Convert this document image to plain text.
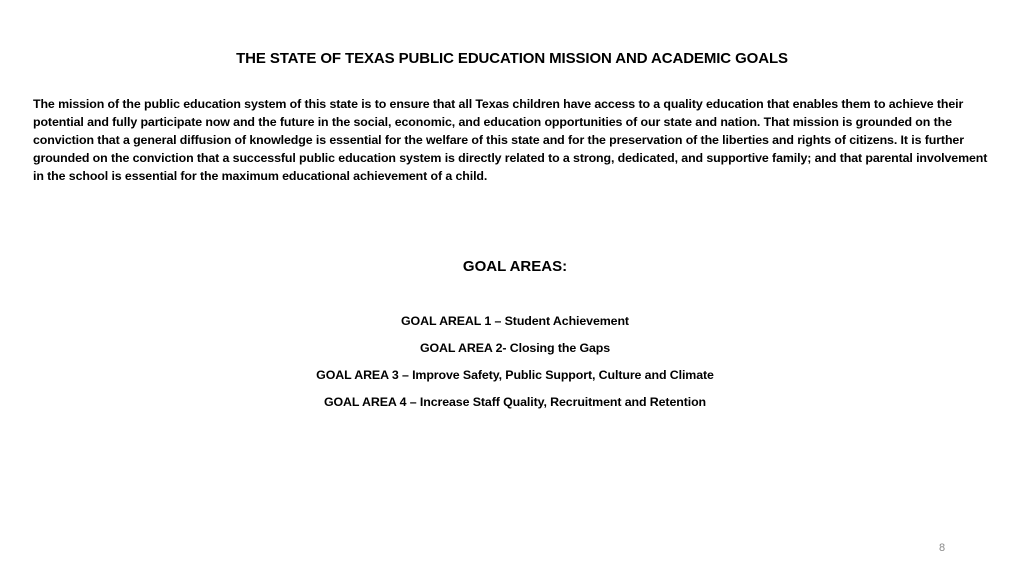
THE STATE OF TEXAS PUBLIC EDUCATION MISSION AND ACADEMIC GOALS

The mission of the public education system of this state is to ensure that all Texas children have access to a quality education that enables them to achieve their potential and fully participate now and the future in the social, economic, and education opportunities of our state and nation. That mission is grounded on the conviction that a general diffusion of knowledge is essential for the welfare of this state and for the preservation of the liberties and rights of citizens. It is further grounded on the conviction that a successful public education system is directly related to a strong, dedicated, and supportive family; and that parental involvement in the school is essential for the maximum educational achievement of a child.

GOAL AREAS:
GOAL AREAL 1 – Student Achievement
GOAL AREA 2- Closing the Gaps
GOAL AREA 3 – Improve Safety, Public Support, Culture and Climate
GOAL AREA 4 – Increase Staff Quality, Recruitment and Retention
8
